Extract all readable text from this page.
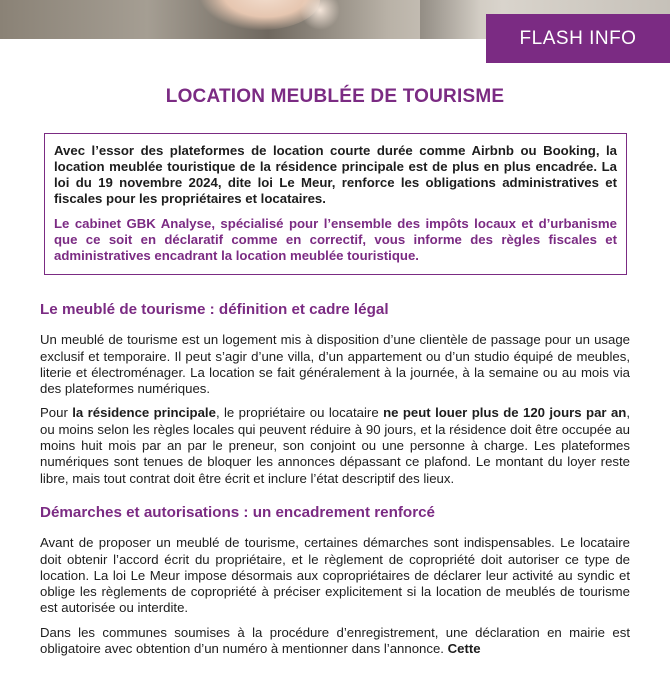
FLASH INFO
LOCATION MEUBLÉE DE TOURISME

Avec l’essor des plateformes de location courte durée comme Airbnb ou Booking, la location meublée touristique de la résidence principale est de plus en plus encadrée. La loi du 19 novembre 2024, dite loi Le Meur, renforce les obligations administratives et fiscales pour les propriétaires et locataires.

Le cabinet GBK Analyse, spécialisé pour l’ensemble des impôts locaux et d’urbanisme que ce soit en déclaratif comme en correctif, vous informe des règles fiscales et administratives encadrant la location meublée touristique.

Le meublé de tourisme : définition et cadre légal

Un meublé de tourisme est un logement mis à disposition d’une clientèle de passage pour un usage exclusif et temporaire. Il peut s’agir d’une villa, d’un appartement ou d’un studio équipé de meubles, literie et électroménager. La location se fait généralement à la journée, à la semaine ou au mois via des plateformes numériques.

Pour la résidence principale, le propriétaire ou locataire ne peut louer plus de 120 jours par an, ou moins selon les règles locales qui peuvent réduire à 90 jours, et la résidence doit être occupée au moins huit mois par an par le preneur, son conjoint ou une personne à charge. Les plateformes numériques sont tenues de bloquer les annonces dépassant ce plafond. Le montant du loyer reste libre, mais tout contrat doit être écrit et inclure l’état descriptif des lieux.

Démarches et autorisations : un encadrement renforcé

Avant de proposer un meublé de tourisme, certaines démarches sont indispensables. Le locataire doit obtenir l’accord écrit du propriétaire, et le règlement de copropriété doit autoriser ce type de location. La loi Le Meur impose désormais aux copropriétaires de déclarer leur activité au syndic et oblige les règlements de copropriété à préciser explicitement si la location de meublés de tourisme est autorisée ou interdite.

Dans les communes soumises à la procédure d’enregistrement, une déclaration en mairie est obligatoire avec obtention d’un numéro à mentionner dans l’annonce. Cette
